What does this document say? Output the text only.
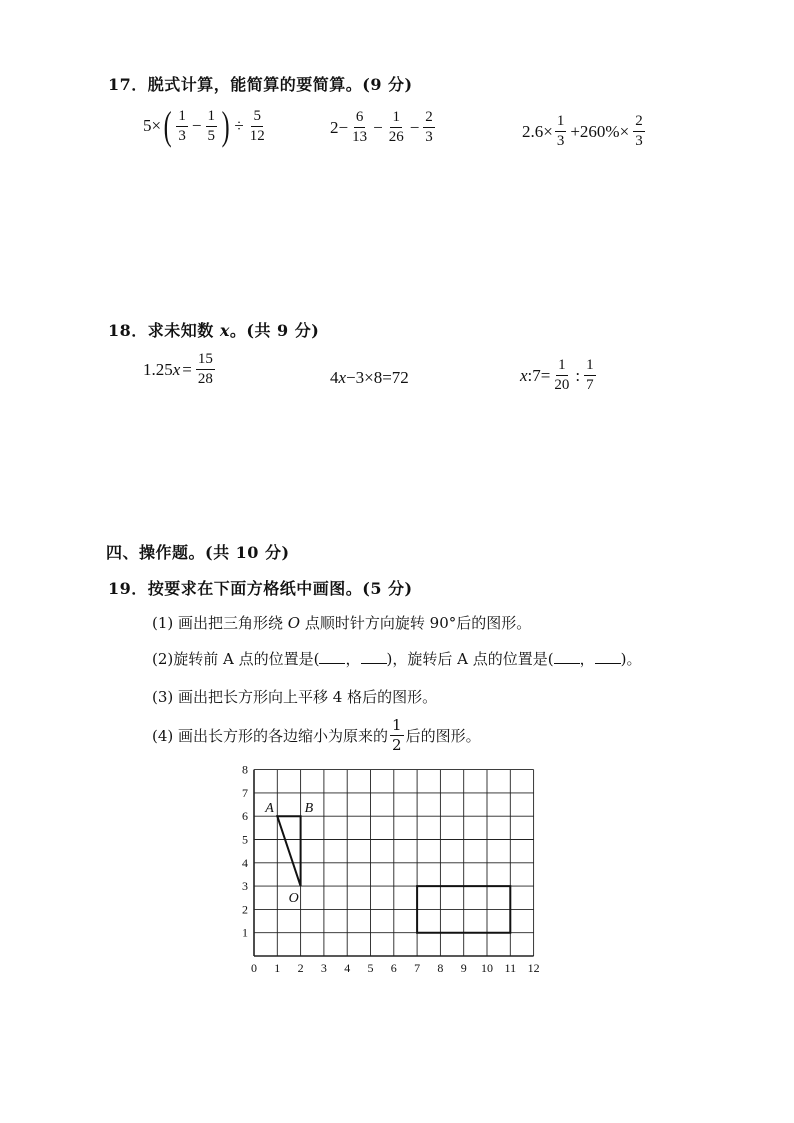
17．脱式计算，能简算的要简算。(9 分)
5× ( $\frac{1}{3} - \frac{1}{5}$ ) ÷ $\frac{5}{12}$	$2- \frac{6}{13} - \frac{1}{26} - \frac{2}{3}$	$2.6\times \frac{1}{3} +260\%\times \frac{2}{3}$
18．求未知数 x。(共 9 分)
1.25 $x = \frac{15}{28}$	4 x −3×8=72	x :7= $\frac{1}{20}$ : $\frac{1}{7}$
四、操作题。(共 10 分)
19．按要求在下面方格纸中画图。(5 分)
(1) 画出把三角形绕 O 点顺时针方向旋转 90°后的图形。
(2)旋转前 A 点的位置是( ， )，旋转后 A 点的位置是( ， )。
(3) 画出把长方形向上平移 4 格后的图形。
(4) 画出长方形的各边缩小为原来的 $\frac{1}{2}$ 后的图形。
0 1 2 3 4 5 6 7 8 9 10 11 12
1
2
3
4
5
6
7
8
A B
O
